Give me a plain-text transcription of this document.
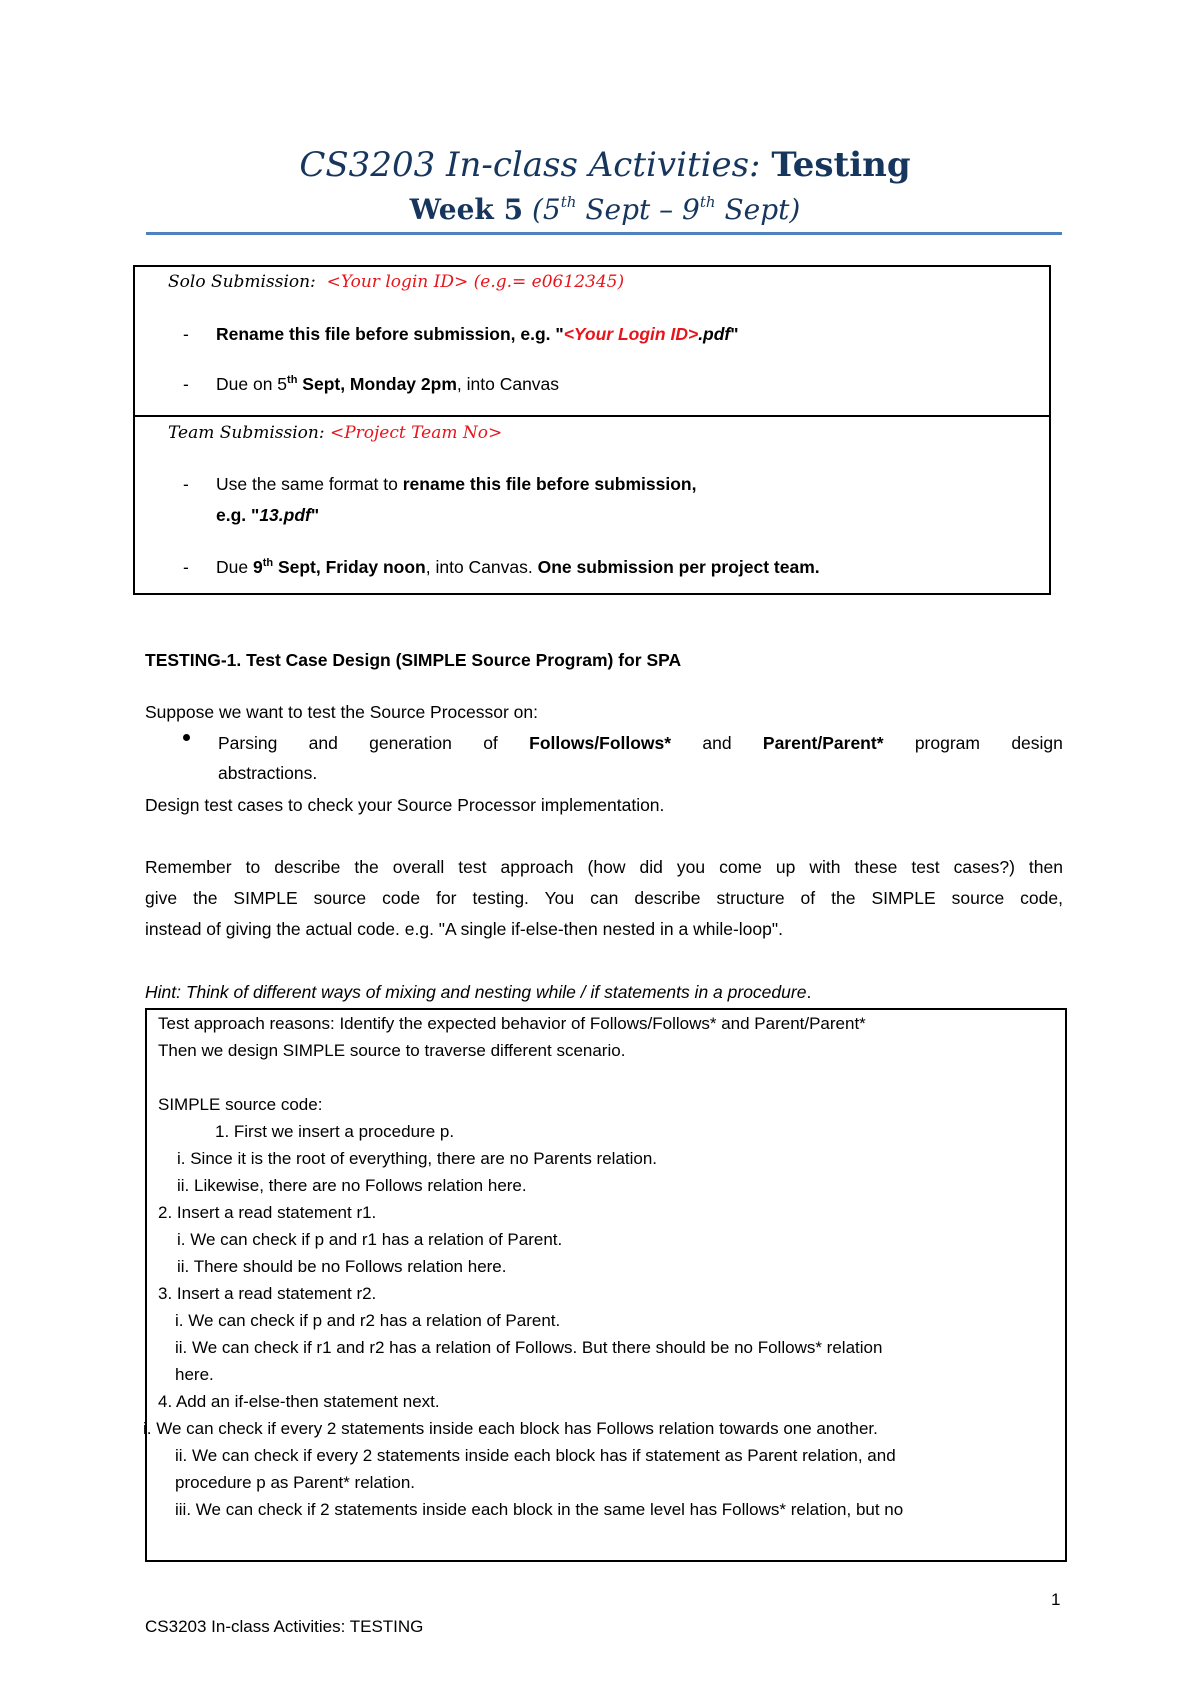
CS3203 In-class Activities: Testing
Week 5 (5th Sept – 9th Sept)
Solo Submission: <Your login ID> (e.g.= e0612345)
- Rename this file before submission, e.g. "<Your Login ID>.pdf"
- Due on 5th Sept, Monday 2pm, into Canvas
Team Submission: <Project Team No>
- Use the same format to rename this file before submission,
e.g. "13.pdf"
- Due 9th Sept, Friday noon, into Canvas. One submission per project team.
TESTING-1. Test Case Design (SIMPLE Source Program) for SPA
Suppose we want to test the Source Processor on:
Parsing and generation of Follows/Follows* and Parent/Parent* program design
abstractions.
Design test cases to check your Source Processor implementation.
Remember to describe the overall test approach (how did you come up with these test cases?) then
give the SIMPLE source code for testing. You can describe structure of the SIMPLE source code,
instead of giving the actual code. e.g. "A single if-else-then nested in a while-loop".
Hint: Think of different ways of mixing and nesting while / if statements in a procedure.
Test approach reasons: Identify the expected behavior of Follows/Follows* and Parent/Parent*
Then we design SIMPLE source to traverse different scenario.
SIMPLE source code:
1. First we insert a procedure p.
i. Since it is the root of everything, there are no Parents relation.
ii. Likewise, there are no Follows relation here.
2. Insert a read statement r1.
i. We can check if p and r1 has a relation of Parent.
ii. There should be no Follows relation here.
3. Insert a read statement r2.
i. We can check if p and r2 has a relation of Parent.
ii. We can check if r1 and r2 has a relation of Follows. But there should be no Follows* relation
here.
4. Add an if-else-then statement next.
i. We can check if every 2 statements inside each block has Follows relation towards one another.
ii. We can check if every 2 statements inside each block has if statement as Parent relation, and
procedure p as Parent* relation.
iii. We can check if 2 statements inside each block in the same level has Follows* relation, but no
1
CS3203 In-class Activities: TESTING
